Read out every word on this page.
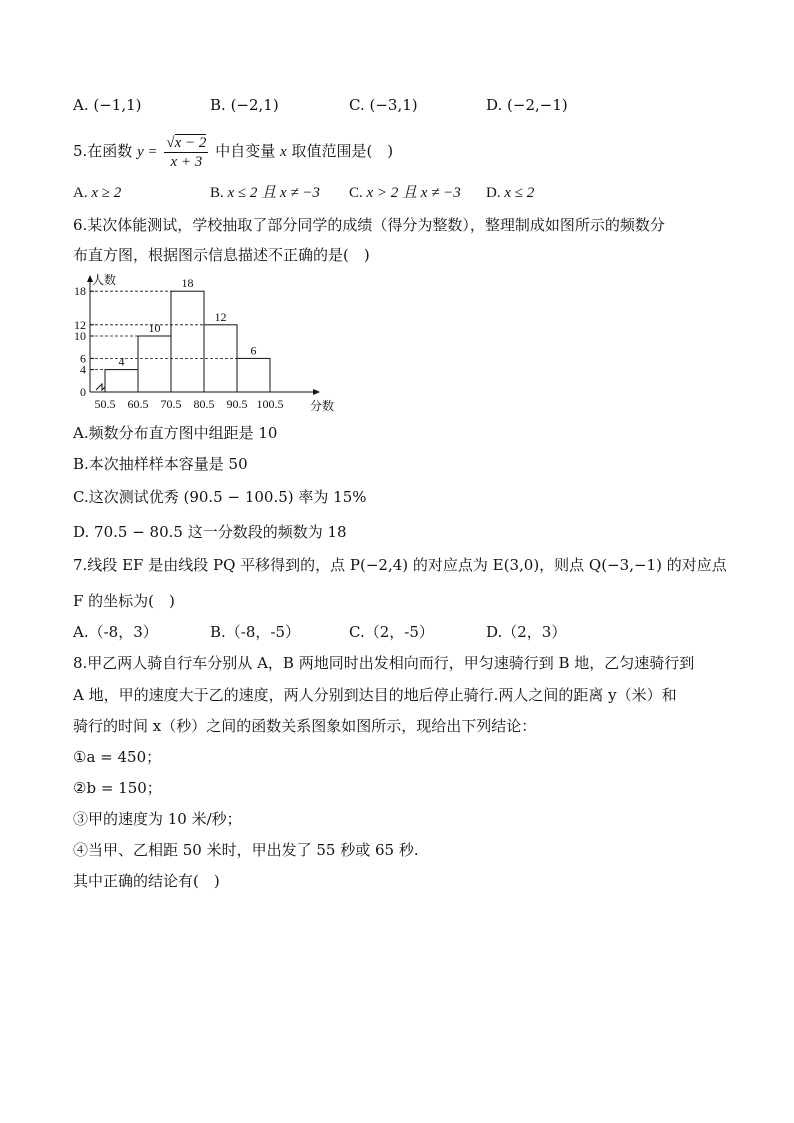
A. (−1,1)	B. (−2,1)	C. (−3,1)	D. (−2,−1)
5.在函数 $y = \frac{√x - 2}{x + 3}$ 中自变量 x 取值范围是(　)
A. x ≥ 2	B. x ≤ 2 且 x ≠ −3 C. x > 2 且 x ≠ −3 D. x ≤ 2
6.某次体能测试，学校抽取了部分同学的成绩（得分为整数），整理制成如图所示的频数分
布直方图，根据图示信息描述不正确的是(　)
人数
分数
0
4
6
10
12
18
50.5 60.5 70.5 80.5 90.5 100.5
10
4
18
12
6
A.频数分布直方图中组距是 10
B.本次抽样样本容量是 50
C.这次测试优秀 (90.5 − 100.5) 率为 15%
D. 70.5 − 80.5 这一分数段的频数为 18
7.线段 EF 是由线段 PQ 平移得到的，点 P(−2,4) 的对应点为 E(3,0)，则点 Q(−3,−1) 的对应点
F 的坐标为(　)
A.（-8，3）	B.（-8，-5）	C.（2，-5）	D.（2，3）
8.甲乙两人骑自行车分别从 A，B 两地同时出发相向而行，甲匀速骑行到 B 地，乙匀速骑行到
A 地，甲的速度大于乙的速度，两人分别到达目的地后停止骑行.两人之间的距离 y（米）和
骑行的时间 x（秒）之间的函数关系图象如图所示，现给出下列结论：
①a = 450；
②b = 150；
③甲的速度为 10 米/秒；
④当甲、乙相距 50 米时，甲出发了 55 秒或 65 秒.
其中正确的结论有(　)
